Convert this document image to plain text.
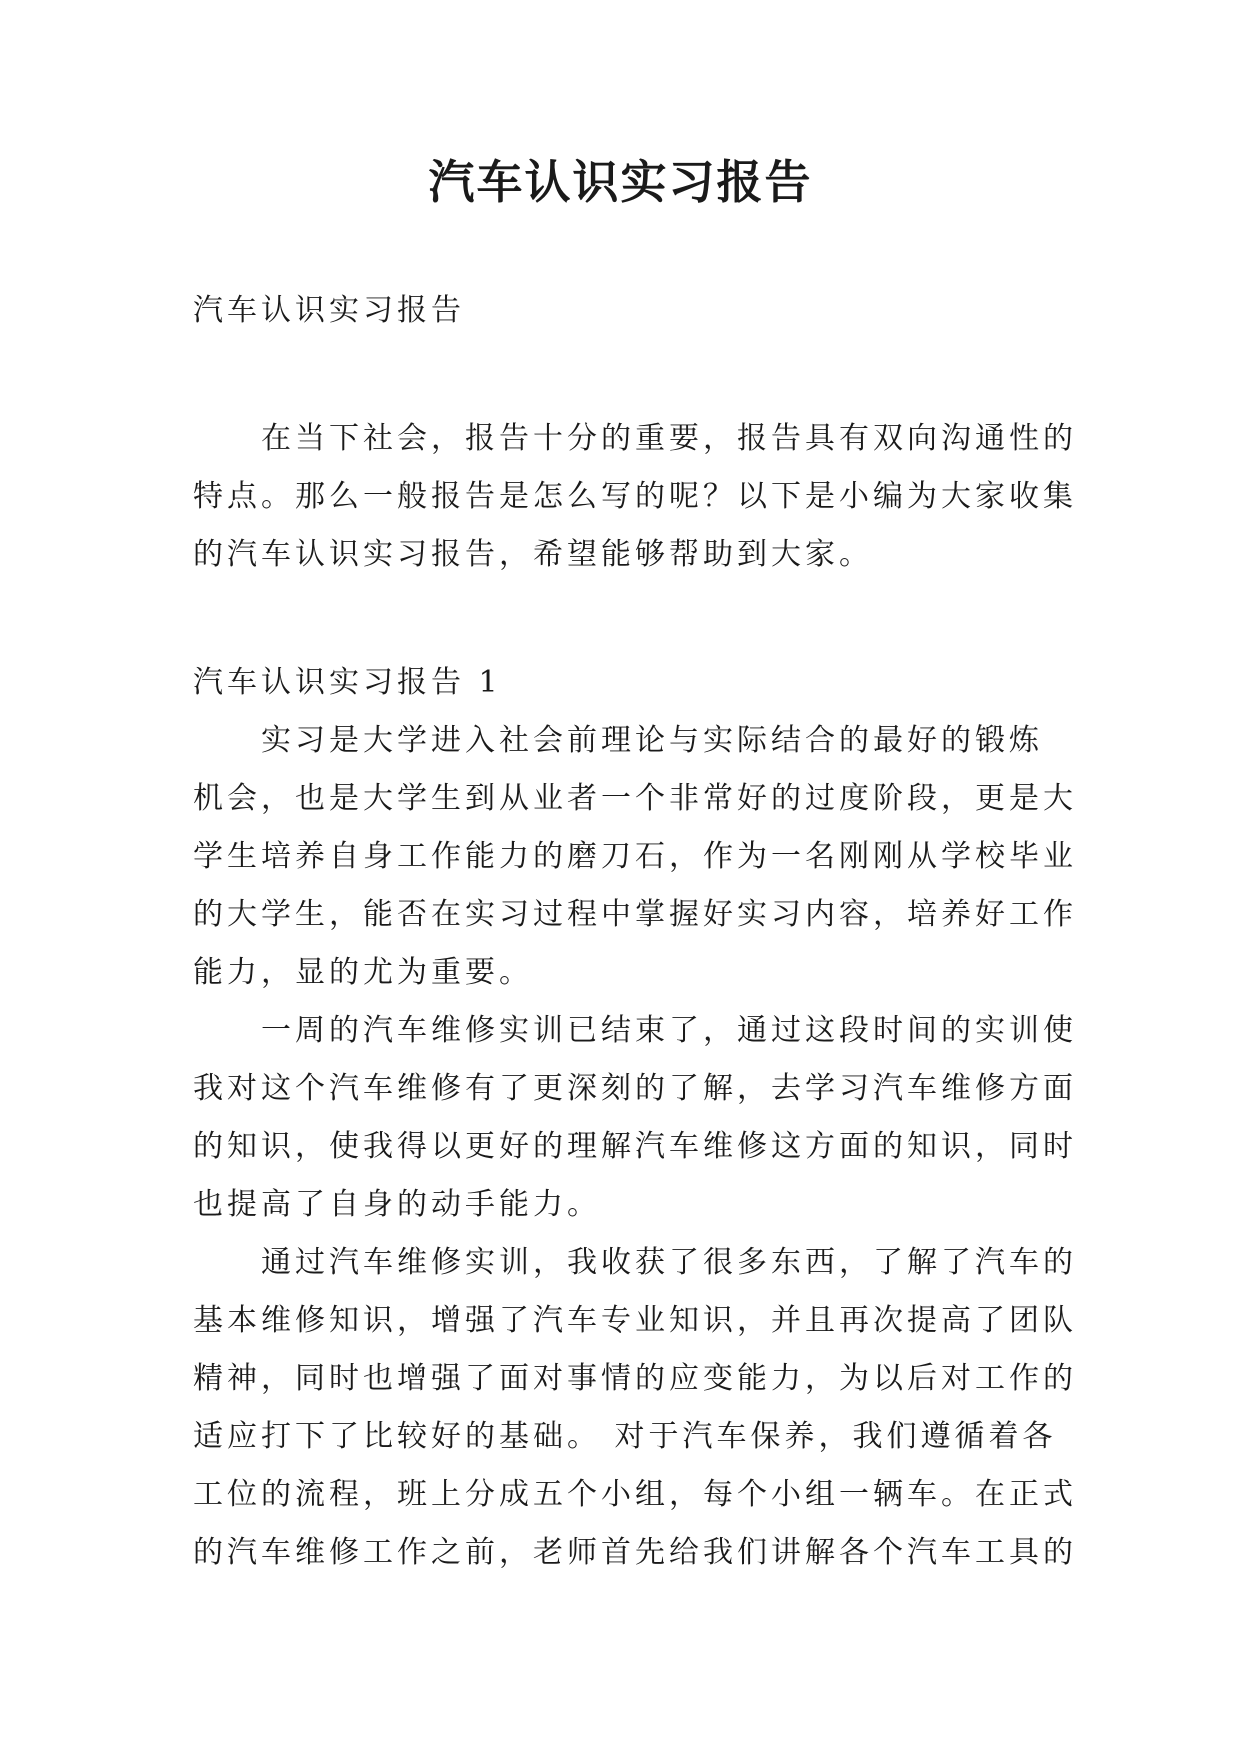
汽车认识实习报告

汽车认识实习报告

在当下社会，报告十分的重要，报告具有双向沟通性的

特点。那么一般报告是怎么写的呢？以下是小编为大家收集

的汽车认识实习报告，希望能够帮助到大家。

汽车认识实习报告 1

实习是大学进入社会前理论与实际结合的最好的锻炼

机会，也是大学生到从业者一个非常好的过度阶段，更是大

学生培养自身工作能力的磨刀石，作为一名刚刚从学校毕业

的大学生，能否在实习过程中掌握好实习内容，培养好工作

能力，显的尤为重要。

一周的汽车维修实训已结束了，通过这段时间的实训使

我对这个汽车维修有了更深刻的了解，去学习汽车维修方面

的知识，使我得以更好的理解汽车维修这方面的知识，同时

也提高了自身的动手能力。

通过汽车维修实训，我收获了很多东西，了解了汽车的

基本维修知识，增强了汽车专业知识，并且再次提高了团队

精神，同时也增强了面对事情的应变能力，为以后对工作的

适应打下了比较好的基础。 对于汽车保养，我们遵循着各

工位的流程，班上分成五个小组，每个小组一辆车。在正式

的汽车维修工作之前，老师首先给我们讲解各个汽车工具的
